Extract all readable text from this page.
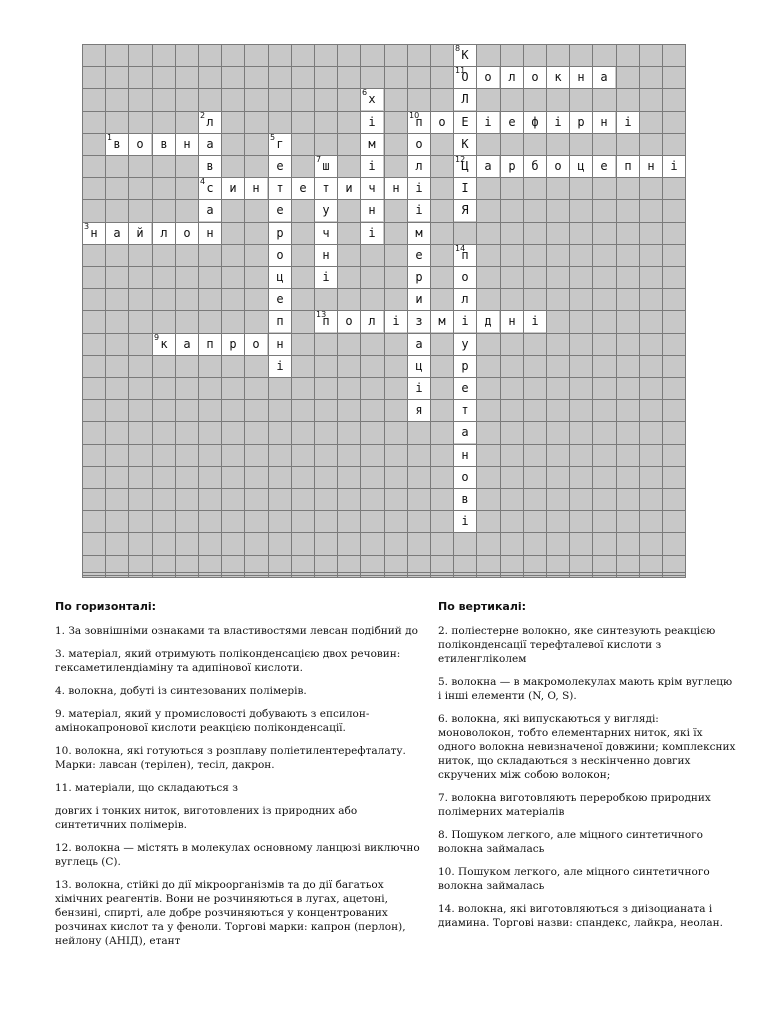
К
8
О
11
Л
Е
К
Ц
12
І
Я
о	л	о	к	н	а
х
6
і
м
і
ч
н
і
л
2
а
в
с
4
а
н
п
10	о	і	е	ф	і	р	н	і
о
л
і
і
м
е
р
и
з
а
ц
і
я
в
1	о	в	н	г
5
е
т
е
р
о
ц
е
п
н
і
ш
7
т
у
ч
н
і
а	р	б	о	ц	е	п	н	і
и	н	е	и	н
н
3	а	й	л	о
п
14
о
л
і
у
р
е
т
а
н
о
в
і
п
13	о	л	і	м	д	н	і
к
9	а	п	р	о
По горизонталі:

1. За зовнішніми ознаками та властивостями левсан подібний до

3. матеріал, який отримують поліконденсацією двох речовин: гексаметилендіаміну та адипінової кислоти.

4. волокна, добуті із синтезованих полімерів.

9. матеріал, який у промисловості добувають з епсилон-амінокапронової кислоти реакцією поліконденсації.

10. волокна, які готуються з розплаву поліетилентерефталату. Марки: лавсан (терілен), тесіл, дакрон.

11. матеріали, що складаються з

довгих і тонких ниток, виготовлених із природних або синтетичних полімерів.

12. волокна — містять в молекулах основному ланцюзі виключно вуглець (С).

13. волокна, стійкі до дії мікроорганізмів та до дії багатьох хімічних реагентів. Вони не розчиняються в лугах, ацетоні, бензині, спирті, але добре розчиняються у концентрованих розчинах кислот та у феноли. Торгові марки: капрон (перлон), нейлону (АНІД), етант

По вертикалі:

2. поліестерне волокно, яке синтезують реакцією поліконденсації терефталевої кислоти з етиленгліколем

5. волокна — в макромолекулах мають крім вуглецю і інші елементи (N, O, S).

6. волокна, які випускаються у вигляді: моноволокон, тобто елементарних ниток, які їх одного волокна невизначеної довжини; комплексних ниток, що складаються з нескінченно довгих скручених між собою волокон;

7. волокна виготовляють переробкою природних полімерних матеріалів

8. Пошуком легкого, але міцного синтетичного волокна займалась

10. Пошуком легкого, але міцного синтетичного волокна займалась

14. волокна, які виготовляються з диізоцианата і диамина. Торгові назви: спандекс, лайкра, неолан.
